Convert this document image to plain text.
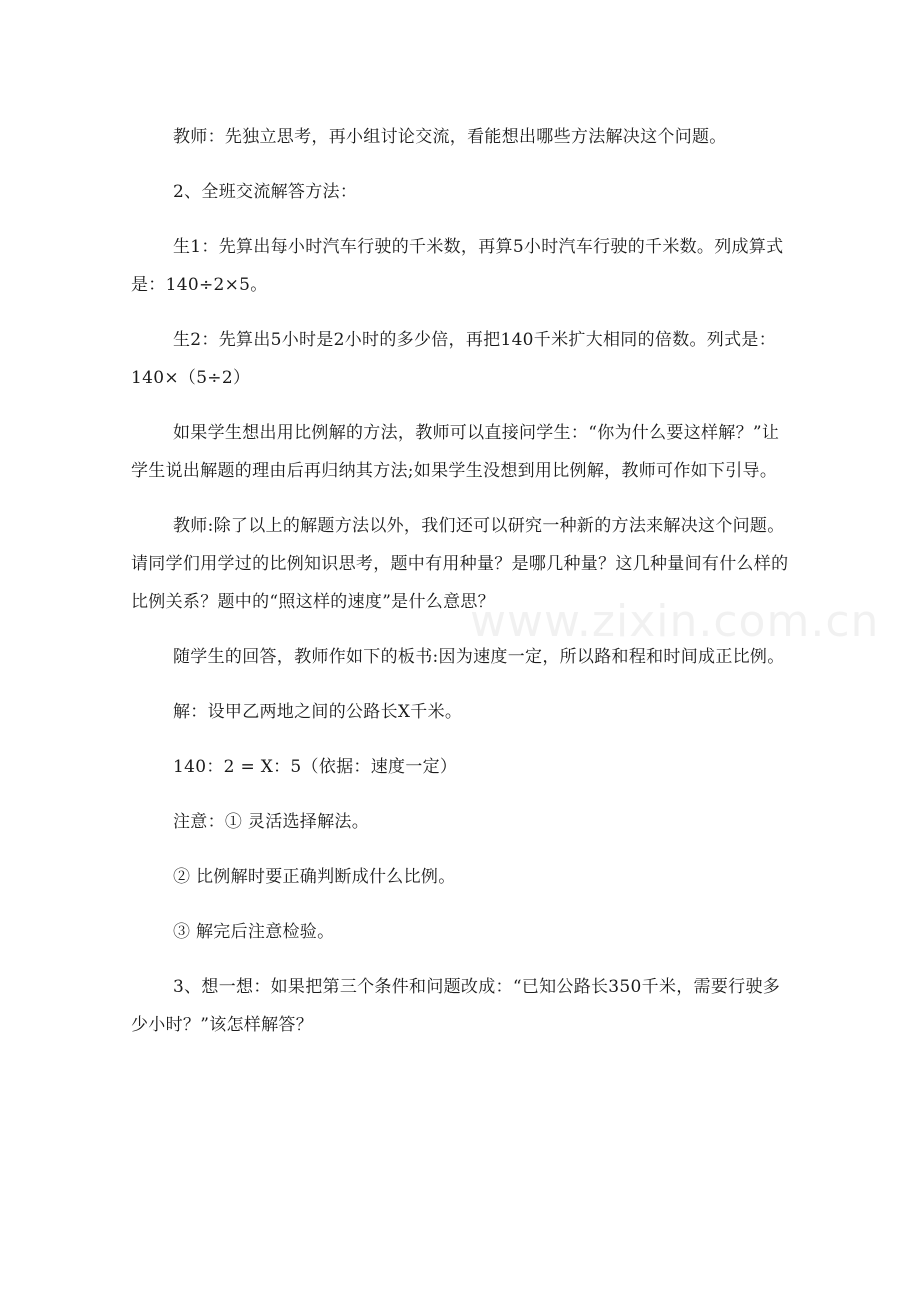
教师：先独立思考，再小组讨论交流，看能想出哪些方法解决这个问题。

2、全班交流解答方法：

生1：先算出每小时汽车行驶的千米数，再算5小时汽车行驶的千米数。列成算式是：140÷2×5。

生2：先算出5小时是2小时的多少倍，再把140千米扩大相同的倍数。列式是：140×（5÷2）

如果学生想出用比例解的方法，教师可以直接问学生：“你为什么要这样解？”让学生说出解题的理由后再归纳其方法;如果学生没想到用比例解，教师可作如下引导。

教师:除了以上的解题方法以外，我们还可以研究一种新的方法来解决这个问题。请同学们用学过的比例知识思考，题中有用种量？是哪几种量？这几种量间有什么样的比例关系？题中的“照这样的速度”是什么意思？

随学生的回答，教师作如下的板书:因为速度一定，所以路和程和时间成正比例。

解：设甲乙两地之间的公路长X千米。

140：2 = X：5（依据：速度一定）

注意：① 灵活选择解法。

② 比例解时要正确判断成什么比例。

③ 解完后注意检验。

3、想一想：如果把第三个条件和问题改成：“已知公路长350千米，需要行驶多少小时？”该怎样解答？

www.zixin.com.cn
